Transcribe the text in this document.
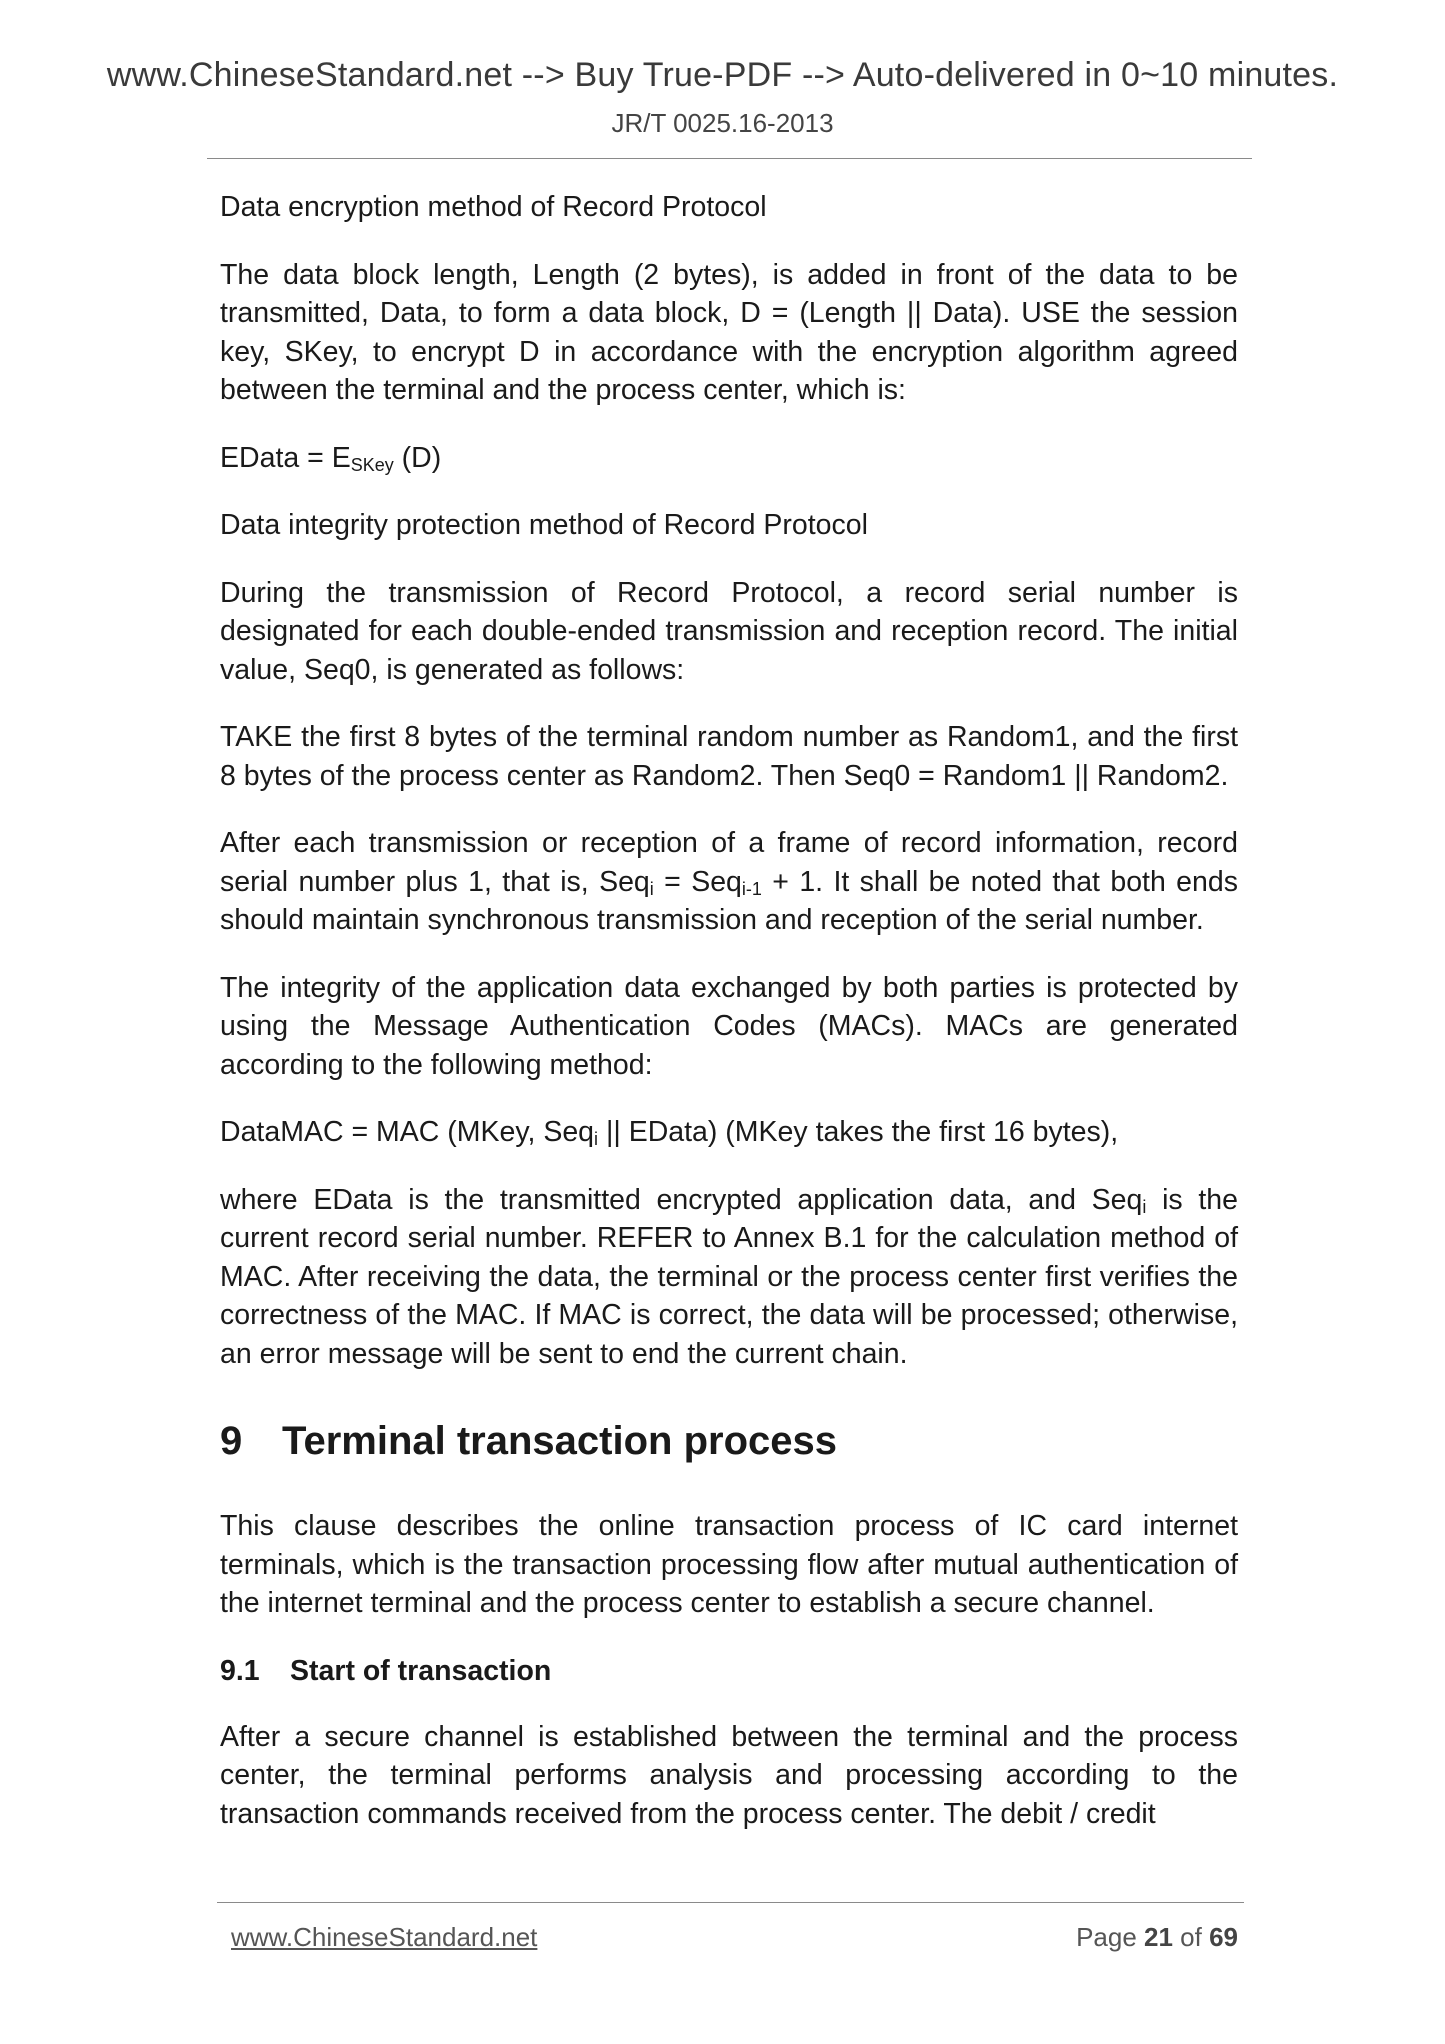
www.ChineseStandard.net --> Buy True-PDF --> Auto-delivered in 0~10 minutes.
JR/T 0025.16-2013

Data encryption method of Record Protocol

The data block length, Length (2 bytes), is added in front of the data to be transmitted, Data, to form a data block, D = (Length || Data). USE the session key, SKey, to encrypt D in accordance with the encryption algorithm agreed between the terminal and the process center, which is:

EData = $E_{SKey}$ (D)

Data integrity protection method of Record Protocol

During the transmission of Record Protocol, a record serial number is designated for each double-ended transmission and reception record. The initial value, Seq0, is generated as follows:

TAKE the first 8 bytes of the terminal random number as Random1, and the first 8 bytes of the process center as Random2. Then Seq0 = Random1 || Random2.

After each transmission or reception of a frame of record information, record serial number plus 1, that is, Seq$_i$ = Seq$_{i-1}$ + 1. It shall be noted that both ends should maintain synchronous transmission and reception of the serial number.

The integrity of the application data exchanged by both parties is protected by using the Message Authentication Codes (MACs). MACs are generated according to the following method:

DataMAC = MAC (MKey, Seq$_i$ || EData) (MKey takes the first 16 bytes),

where EData is the transmitted encrypted application data, and Seq$_i$ is the current record serial number. REFER to Annex B.1 for the calculation method of MAC. After receiving the data, the terminal or the process center first verifies the correctness of the MAC. If MAC is correct, the data will be processed; otherwise, an error message will be sent to end the current chain.

9 Terminal transaction process

This clause describes the online transaction process of IC card internet terminals, which is the transaction processing flow after mutual authentication of the internet terminal and the process center to establish a secure channel.

9.1 Start of transaction

After a secure channel is established between the terminal and the process center, the terminal performs analysis and processing according to the transaction commands received from the process center. The debit / credit

www.ChineseStandard.net	Page 21 of 69
